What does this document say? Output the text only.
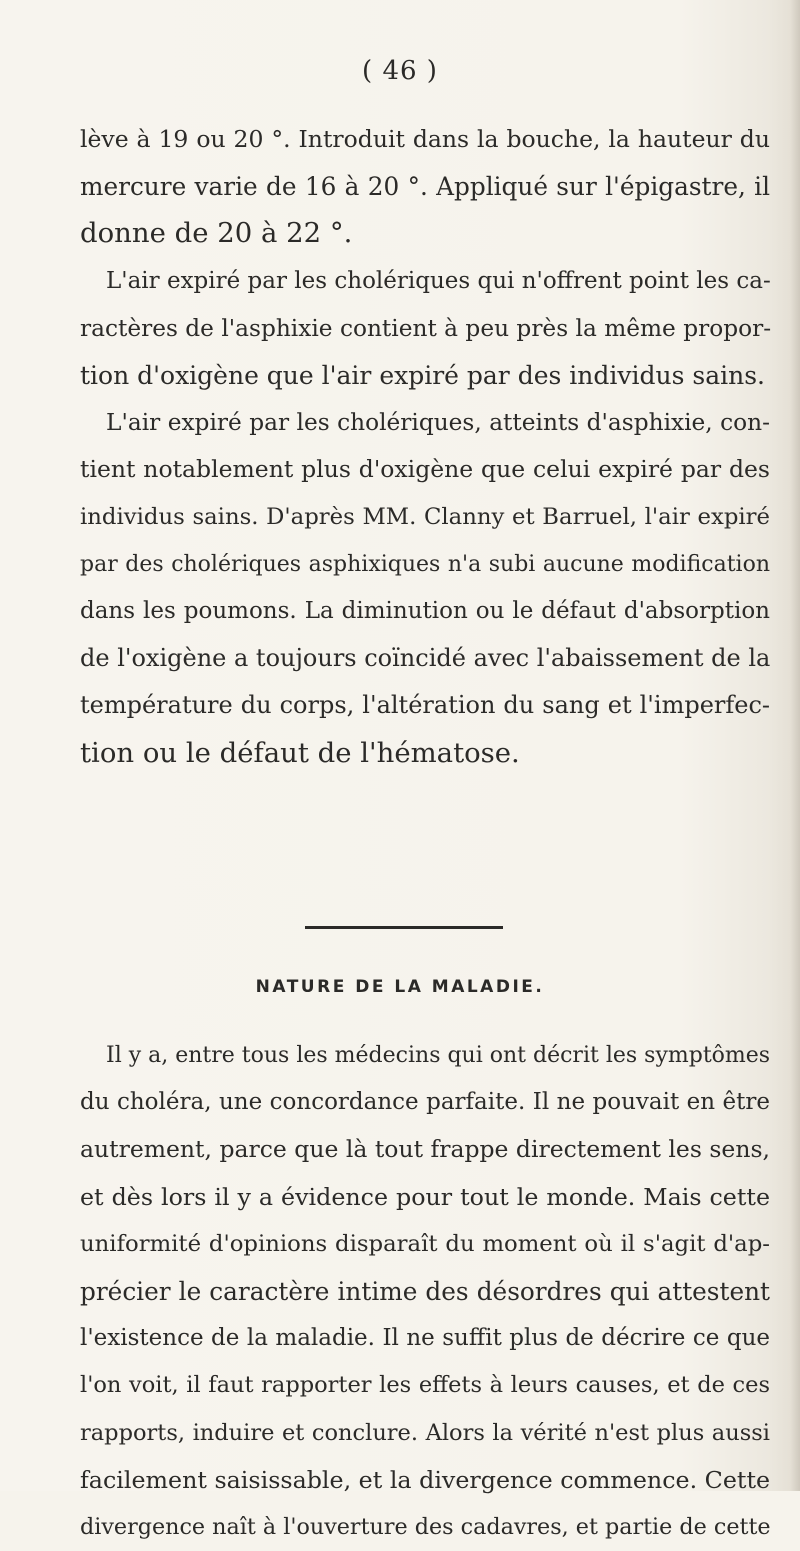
( 46 )
lève à 19 ou 20 °. Introduit dans la bouche, la hauteur du
mercure varie de 16 à 20 °. Appliqué sur l'épigastre, il
donne de 20 à 22 °.
L'air expiré par les cholériques qui n'offrent point les ca-
ractères de l'asphixie contient à peu près la même propor-
tion d'oxigène que l'air expiré par des individus sains.
L'air expiré par les cholériques, atteints d'asphixie, con-
tient notablement plus d'oxigène que celui expiré par des
individus sains. D'après MM. Clanny et Barruel, l'air expiré
par des cholériques asphixiques n'a subi aucune modification
dans les poumons. La diminution ou le défaut d'absorption
de l'oxigène a toujours coïncidé avec l'abaissement de la
température du corps, l'altération du sang et l'imperfec-
tion ou le défaut de l'hématose.
NATURE DE LA MALADIE.
Il y a, entre tous les médecins qui ont décrit les symptômes
du choléra, une concordance parfaite. Il ne pouvait en être
autrement, parce que là tout frappe directement les sens,
et dès lors il y a évidence pour tout le monde. Mais cette
uniformité d'opinions disparaît du moment où il s'agit d'ap-
précier le caractère intime des désordres qui attestent
l'existence de la maladie. Il ne suffit plus de décrire ce que
l'on voit, il faut rapporter les effets à leurs causes, et de ces
rapports, induire et conclure. Alors la vérité n'est plus aussi
facilement saisissable, et la divergence commence. Cette
divergence naît à l'ouverture des cadavres, et partie de cette
